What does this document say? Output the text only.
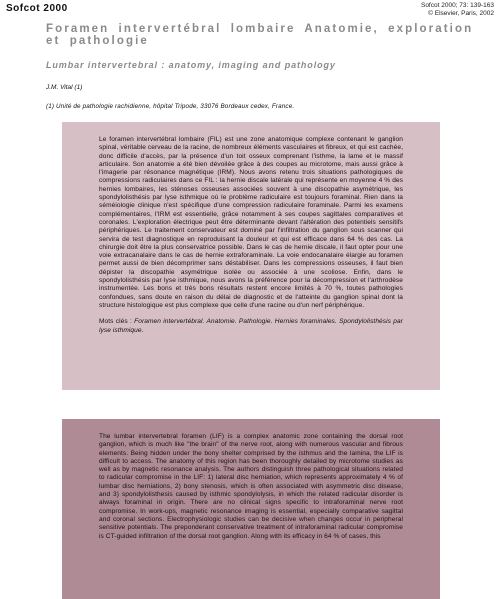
Sofcot 2000	Sofcot 2000; 73: 139-163
© Elsevier, Paris, 2002
Foramen intervertébral lombaire Anatomie, exploration et pathologie
Lumbar intervertebral : anatomy, imaging and pathology
J.M. Vital (1)
(1) Unité de pathologie rachidienne, hôpital Tripode, 33076 Bordeaux cedex, France.

Le foramen intervertébral lombaire (FIL) est une zone anatomique complexe contenant le ganglion spinal, véritable cerveau de la racine, de nombreux éléments vasculaires et fibreux, et qui est cachée, donc difficile d'accès, par la présence d'un toit osseux comprenant l'isthme, la lame et le massif articulaire. Son anatomie a été bien dévoilée grâce à des coupes au microtome, mais aussi grâce à l'imagerie par résonance magnétique (IRM). Nous avons retenu trois situations pathologiques de compressions radiculaires dans ce FIL : la hernie discale latérale qui représente en moyenne 4 % des hernies lombaires, les sténoses osseuses associées souvent à une discopathie asymétrique, les spondylolisthésis par lyse isthmique où le problème radiculaire est toujours foraminal. Rien dans la séméiologie clinique n'est spécifique d'une compression radiculaire foraminale. Parmi les examens complémentaires, l'IRM est essentielle, grâce notamment à ses coupes sagittales comparatives et coronales. L'exploration électrique peut être déterminante devant l'altération des potentiels sensitifs périphériques. Le traitement conservateur est dominé par l'infiltration du ganglion sous scanner qui servira de test diagnostique en reproduisant la douleur et qui est efficace dans 64 % des cas. La chirurgie doit être la plus conservatrice possible. Dans le cas de hernie discale, il faut opter pour une voie extracanalaire dans le cas de hernie extraforaminale. La voie endocanalaire élargie au foramen permet aussi de bien décomprimer sans déstabiliser. Dans les compressions osseuses, il faut bien dépister la discopathie asymétrique isolée ou associée à une scoliose. Enfin, dans le spondylolisthésis par lyse isthmique, nous avons la préférence pour la décompression et l'arthrodèse instrumentée. Les bons et très bons résultats restent encore limités à 70 %, toutes pathologies confondues, sans doute en raison du délai de diagnostic et de l'atteinte du ganglion spinal dont la structure histologique est plus complexe que celle d'une racine ou d'un nerf périphérique.

Mots clés : Foramen intervertébral. Anatomie. Pathologie. Hernies foraminales. Spondylolisthésis par lyse isthmique.

The lumbar intervertebral foramen (LIF) is a complex anatomic zone containing the dorsal root ganglion, which is much like "the brain" of the nerve root, along with numerous vascular and fibrous elements. Being hidden under the bony shelter comprised by the isthmus and the lamina, the LIF is difficult to access. The anatomy of this region has been thoroughly detailed by microtome studies as well as by magnetic resonance analysis. The authors distinguish three pathological situations related to radicular compromise in the LIF: 1) lateral disc herniation, which represents approximately 4 % of lumbar disc herniations, 2) bony stenosis, which is often associated with asymmetric disc disease, and 3) spondylolisthesis caused by isthmic spondylolysis, in which the related radicular disorder is always foraminal in origin. There are no clinical signs specific to intraforaminal nerve root compromise. In work-ups, magnetic resonance imaging is essential, especially comparative sagittal and coronal sections. Electrophysiologic studies can be decisive when changes occur in peripheral sensitive potentials. The preponderant conservative treatment of intraforaminal radicular compromise is CT-guided infiltration of the dorsal root ganglion. Along with its efficacy in 64 % of cases, this
